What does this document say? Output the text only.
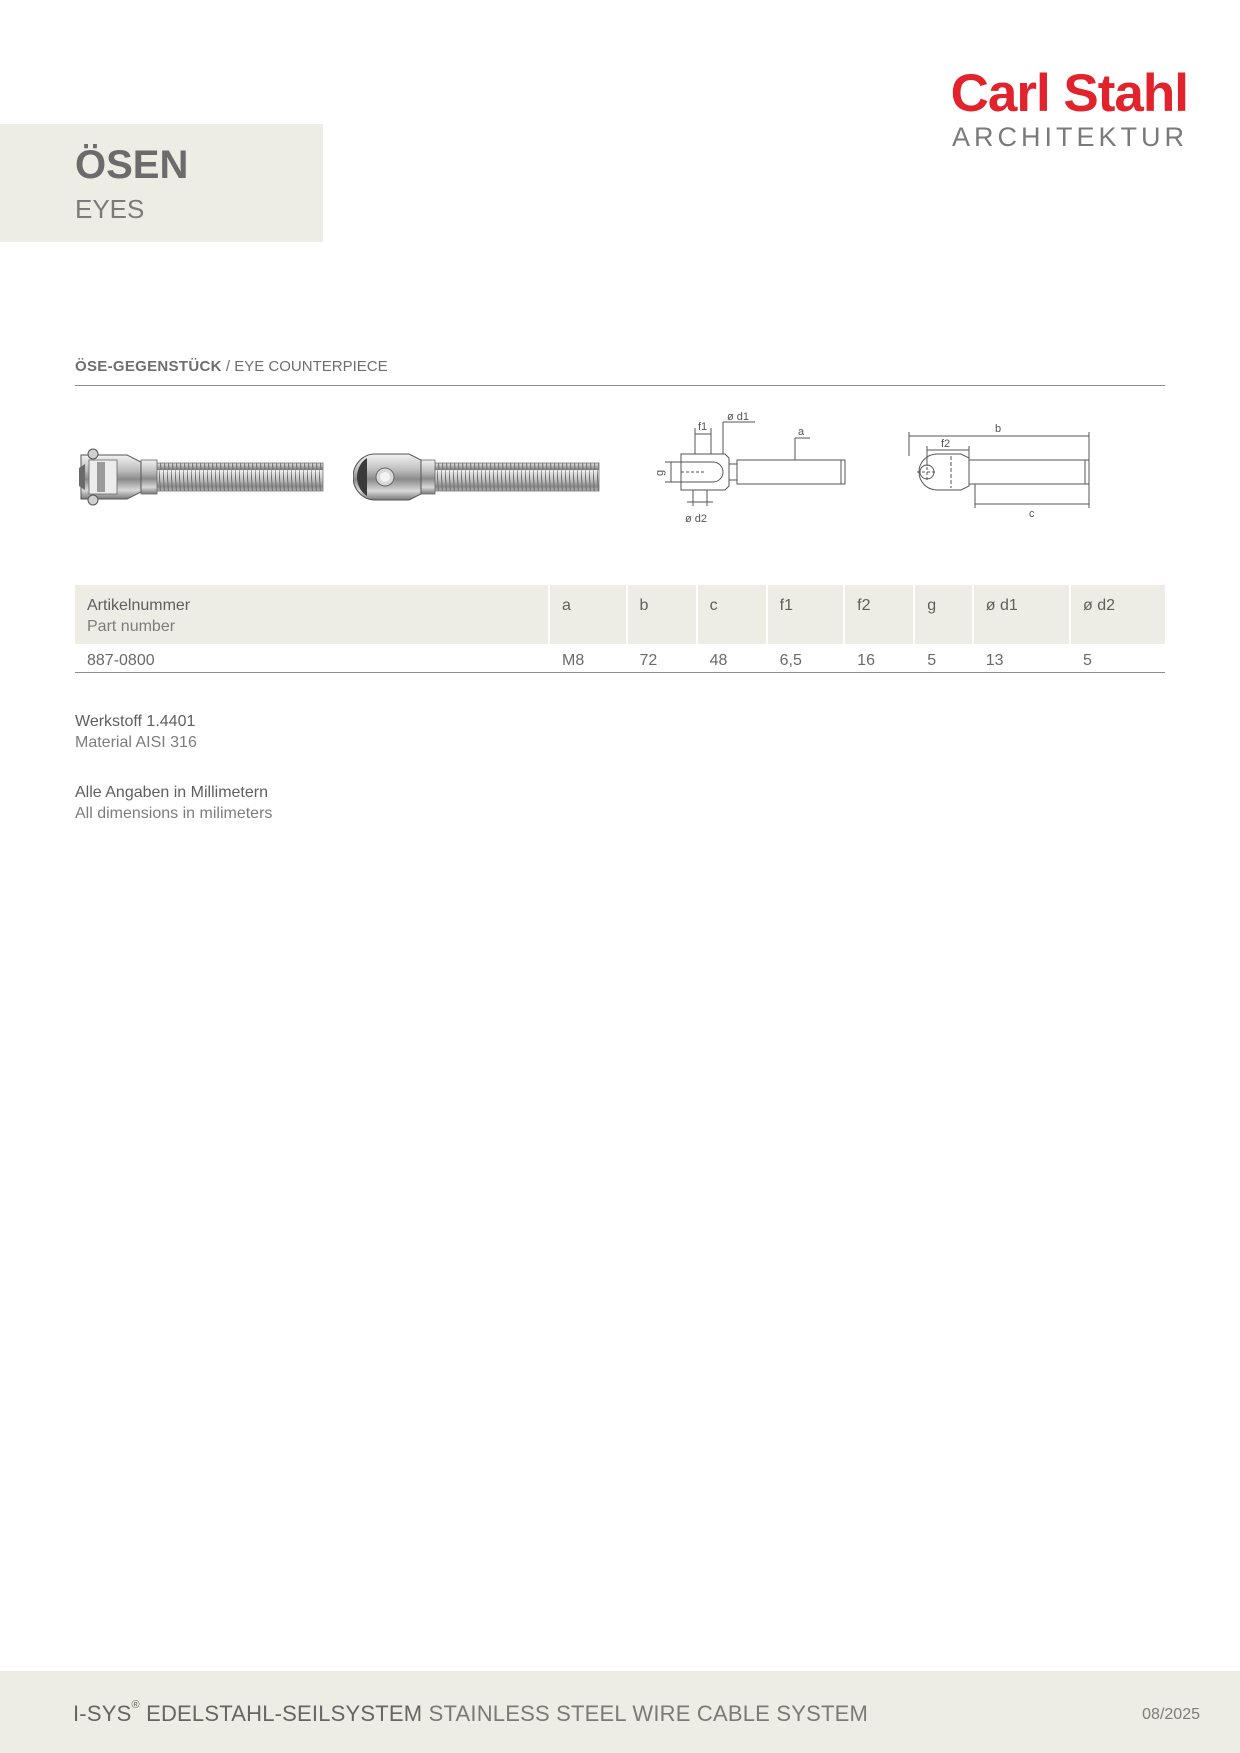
Carl Stahl
ARCHITEKTUR
ÖSEN
EYES
ÖSE-GEGENSTÜCK / EYE COUNTERPIECE
f1
ø d1
a
g
ø d2
b
f2
c
Artikelnummer
Part number	a	b	c	f1	f2	g	ø d1	ø d2
887-0800	M8	72	48	6,5	16	5	13	5
Werkstoff 1.4401
Material AISI 316
Alle Angaben in Millimetern
All dimensions in milimeters
I-SYS® EDELSTAHL-SEILSYSTEM STAINLESS STEEL WIRE CABLE SYSTEM	08/2025
